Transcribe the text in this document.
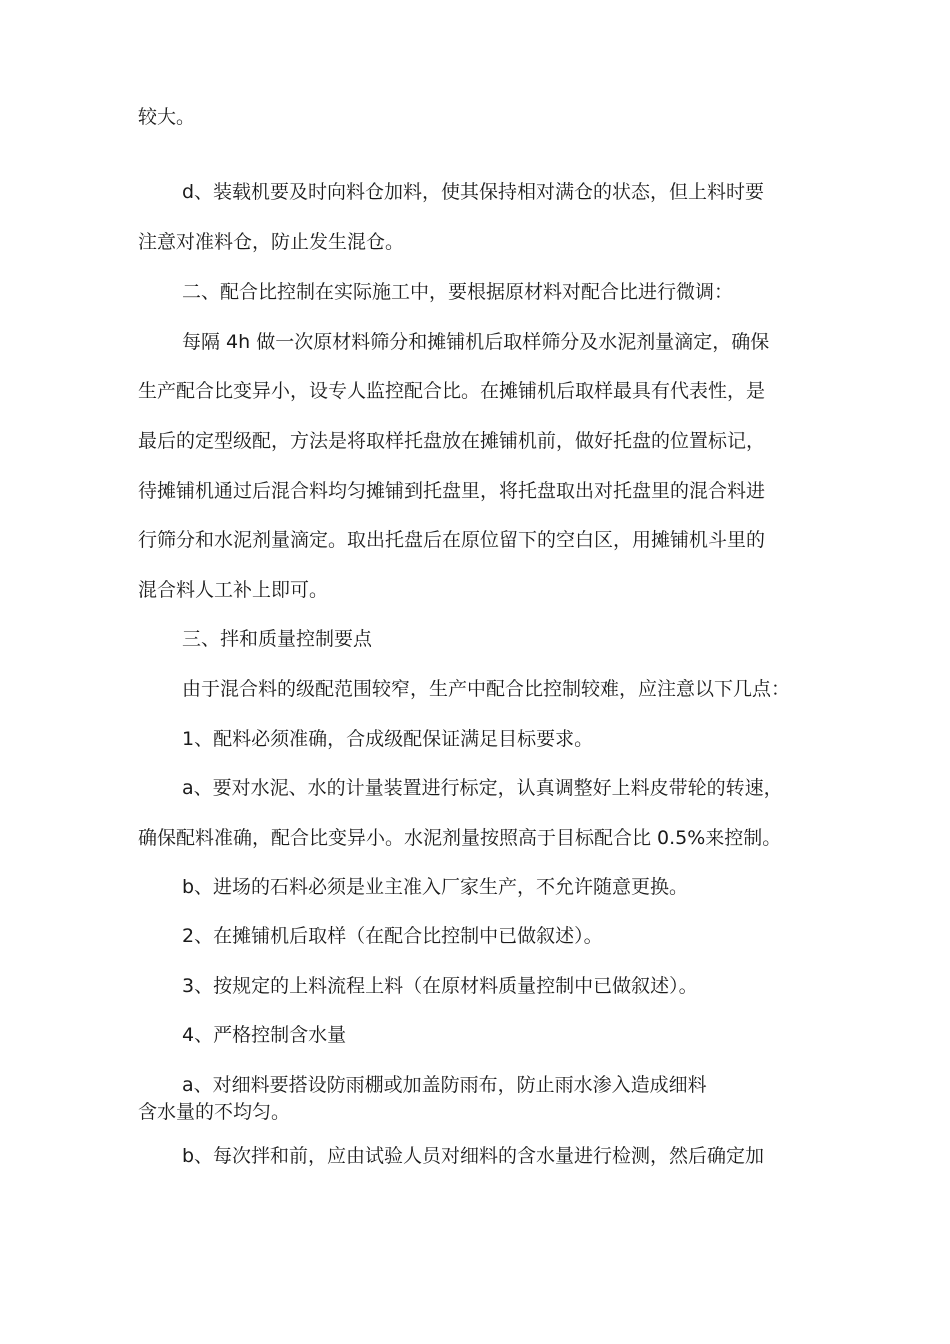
较大。
d、装载机要及时向料仓加料，使其保持相对满仓的状态，但上料时要
注意对准料仓，防止发生混仓。
二、配合比控制在实际施工中，要根据原材料对配合比进行微调：
每隔 4h 做一次原材料筛分和摊铺机后取样筛分及水泥剂量滴定，确保
生产配合比变异小，设专人监控配合比。在摊铺机后取样最具有代表性，是
最后的定型级配，方法是将取样托盘放在摊铺机前，做好托盘的位置标记，
待摊铺机通过后混合料均匀摊铺到托盘里，将托盘取出对托盘里的混合料进
行筛分和水泥剂量滴定。取出托盘后在原位留下的空白区，用摊铺机斗里的
混合料人工补上即可。
三、拌和质量控制要点
由于混合料的级配范围较窄，生产中配合比控制较难，应注意以下几点：
1、配料必须准确，合成级配保证满足目标要求。
a、要对水泥、水的计量装置进行标定，认真调整好上料皮带轮的转速，
确保配料准确，配合比变异小。水泥剂量按照高于目标配合比 0.5%来控制。
b、进场的石料必须是业主准入厂家生产，不允许随意更换。
2、在摊铺机后取样（在配合比控制中已做叙述）。
3、按规定的上料流程上料（在原材料质量控制中已做叙述）。
4、严格控制含水量
a、对细料要搭设防雨棚或加盖防雨布，防止雨水渗入造成细料
含水量的不均匀。
b、每次拌和前，应由试验人员对细料的含水量进行检测，然后确定加
